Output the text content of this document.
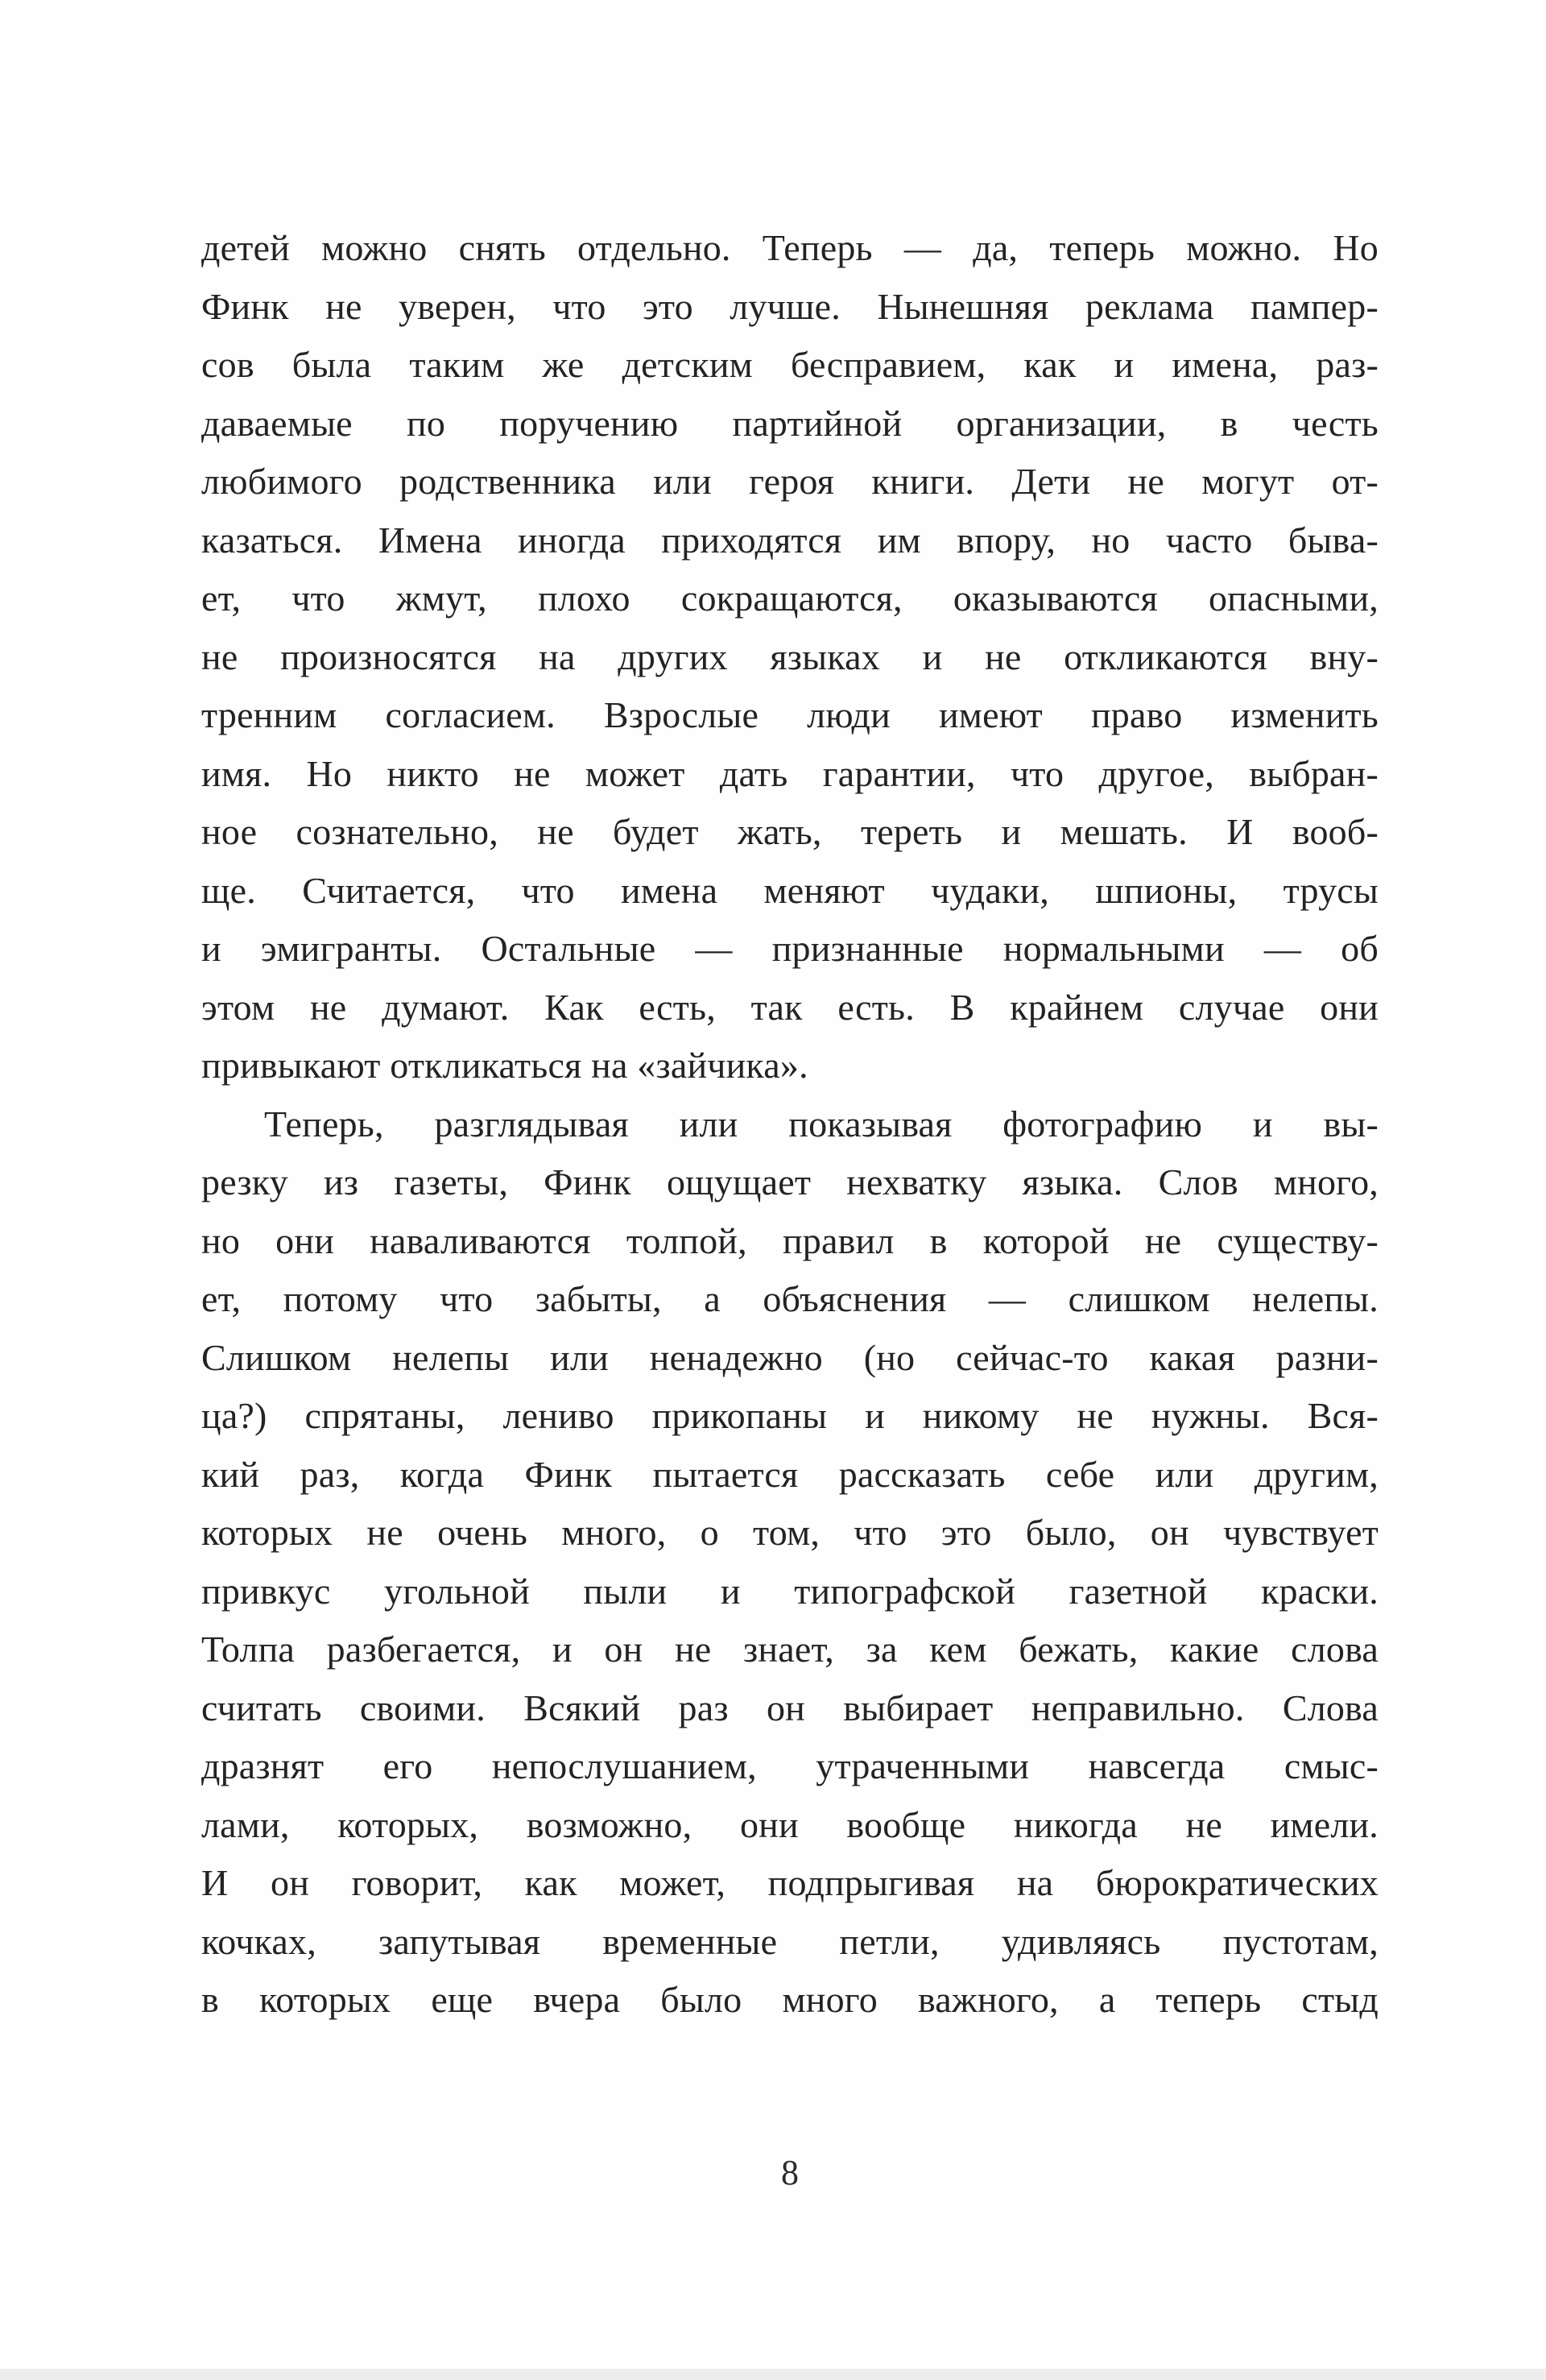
детей можно снять отдельно. Теперь — да, теперь можно. Но
Финк не уверен, что это лучше. Нынешняя реклама пампер-
сов была таким же детским бесправием, как и имена, раз-
даваемые по поручению партийной организации, в честь
любимого родственника или героя книги. Дети не могут от-
казаться. Имена иногда приходятся им впору, но часто быва-
ет, что жмут, плохо сокращаются, оказываются опасными,
не произносятся на других языках и не откликаются вну-
тренним согласием. Взрослые люди имеют право изменить
имя. Но никто не может дать гарантии, что другое, выбран-
ное сознательно, не будет жать, тереть и мешать. И вооб-
ще. Считается, что имена меняют чудаки, шпионы, трусы
и эмигранты. Остальные — признанные нормальными — об
этом не думают. Как есть, так есть. В крайнем случае они
привыкают откликаться на «зайчика».
Теперь, разглядывая или показывая фотографию и вы-
резку из газеты, Финк ощущает нехватку языка. Слов много,
но они наваливаются толпой, правил в которой не существу-
ет, потому что забыты, а объяснения — слишком нелепы.
Слишком нелепы или ненадежно (но сейчас-то какая разни-
ца?) спрятаны, лениво прикопаны и никому не нужны. Вся-
кий раз, когда Финк пытается рассказать себе или другим,
которых не очень много, о том, что это было, он чувствует
привкус угольной пыли и типографской газетной краски.
Толпа разбегается, и он не знает, за кем бежать, какие слова
считать своими. Всякий раз он выбирает неправильно. Слова
дразнят его непослушанием, утраченными навсегда смыс-
лами, которых, возможно, они вообще никогда не имели.
И он говорит, как может, подпрыгивая на бюрократических
кочках, запутывая временные петли, удивляясь пустотам,
в которых еще вчера было много важного, а теперь стыд
8
